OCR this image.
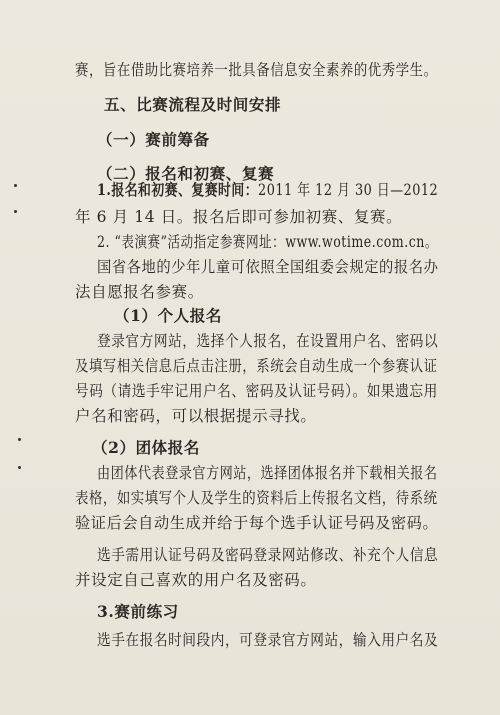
赛，旨在借助比赛培养一批具备信息安全素养的优秀学生。
五、比赛流程及时间安排
（一）赛前筹备
（二）报名和初赛、复赛
1.报名和初赛、复赛时间：2011 年 12 月 30 日—2012
年 6 月 14 日。报名后即可参加初赛、复赛。
2. “表演赛”活动指定参赛网址：www.wotime.com.cn。
国省各地的少年儿童可依照全国组委会规定的报名办
法自愿报名参赛。
（1）个人报名
登录官方网站，选择个人报名，在设置用户名、密码以
及填写相关信息后点击注册，系统会自动生成一个参赛认证
号码（请选手牢记用户名、密码及认证号码）。如果遗忘用
户名和密码，可以根据提示寻找。
（2）团体报名
由团体代表登录官方网站，选择团体报名并下载相关报名
表格，如实填写个人及学生的资料后上传报名文档，待系统
验证后会自动生成并给于每个选手认证号码及密码。
选手需用认证号码及密码登录网站修改、补充个人信息
并设定自己喜欢的用户名及密码。
3.赛前练习
选手在报名时间段内，可登录官方网站，输入用户名及
